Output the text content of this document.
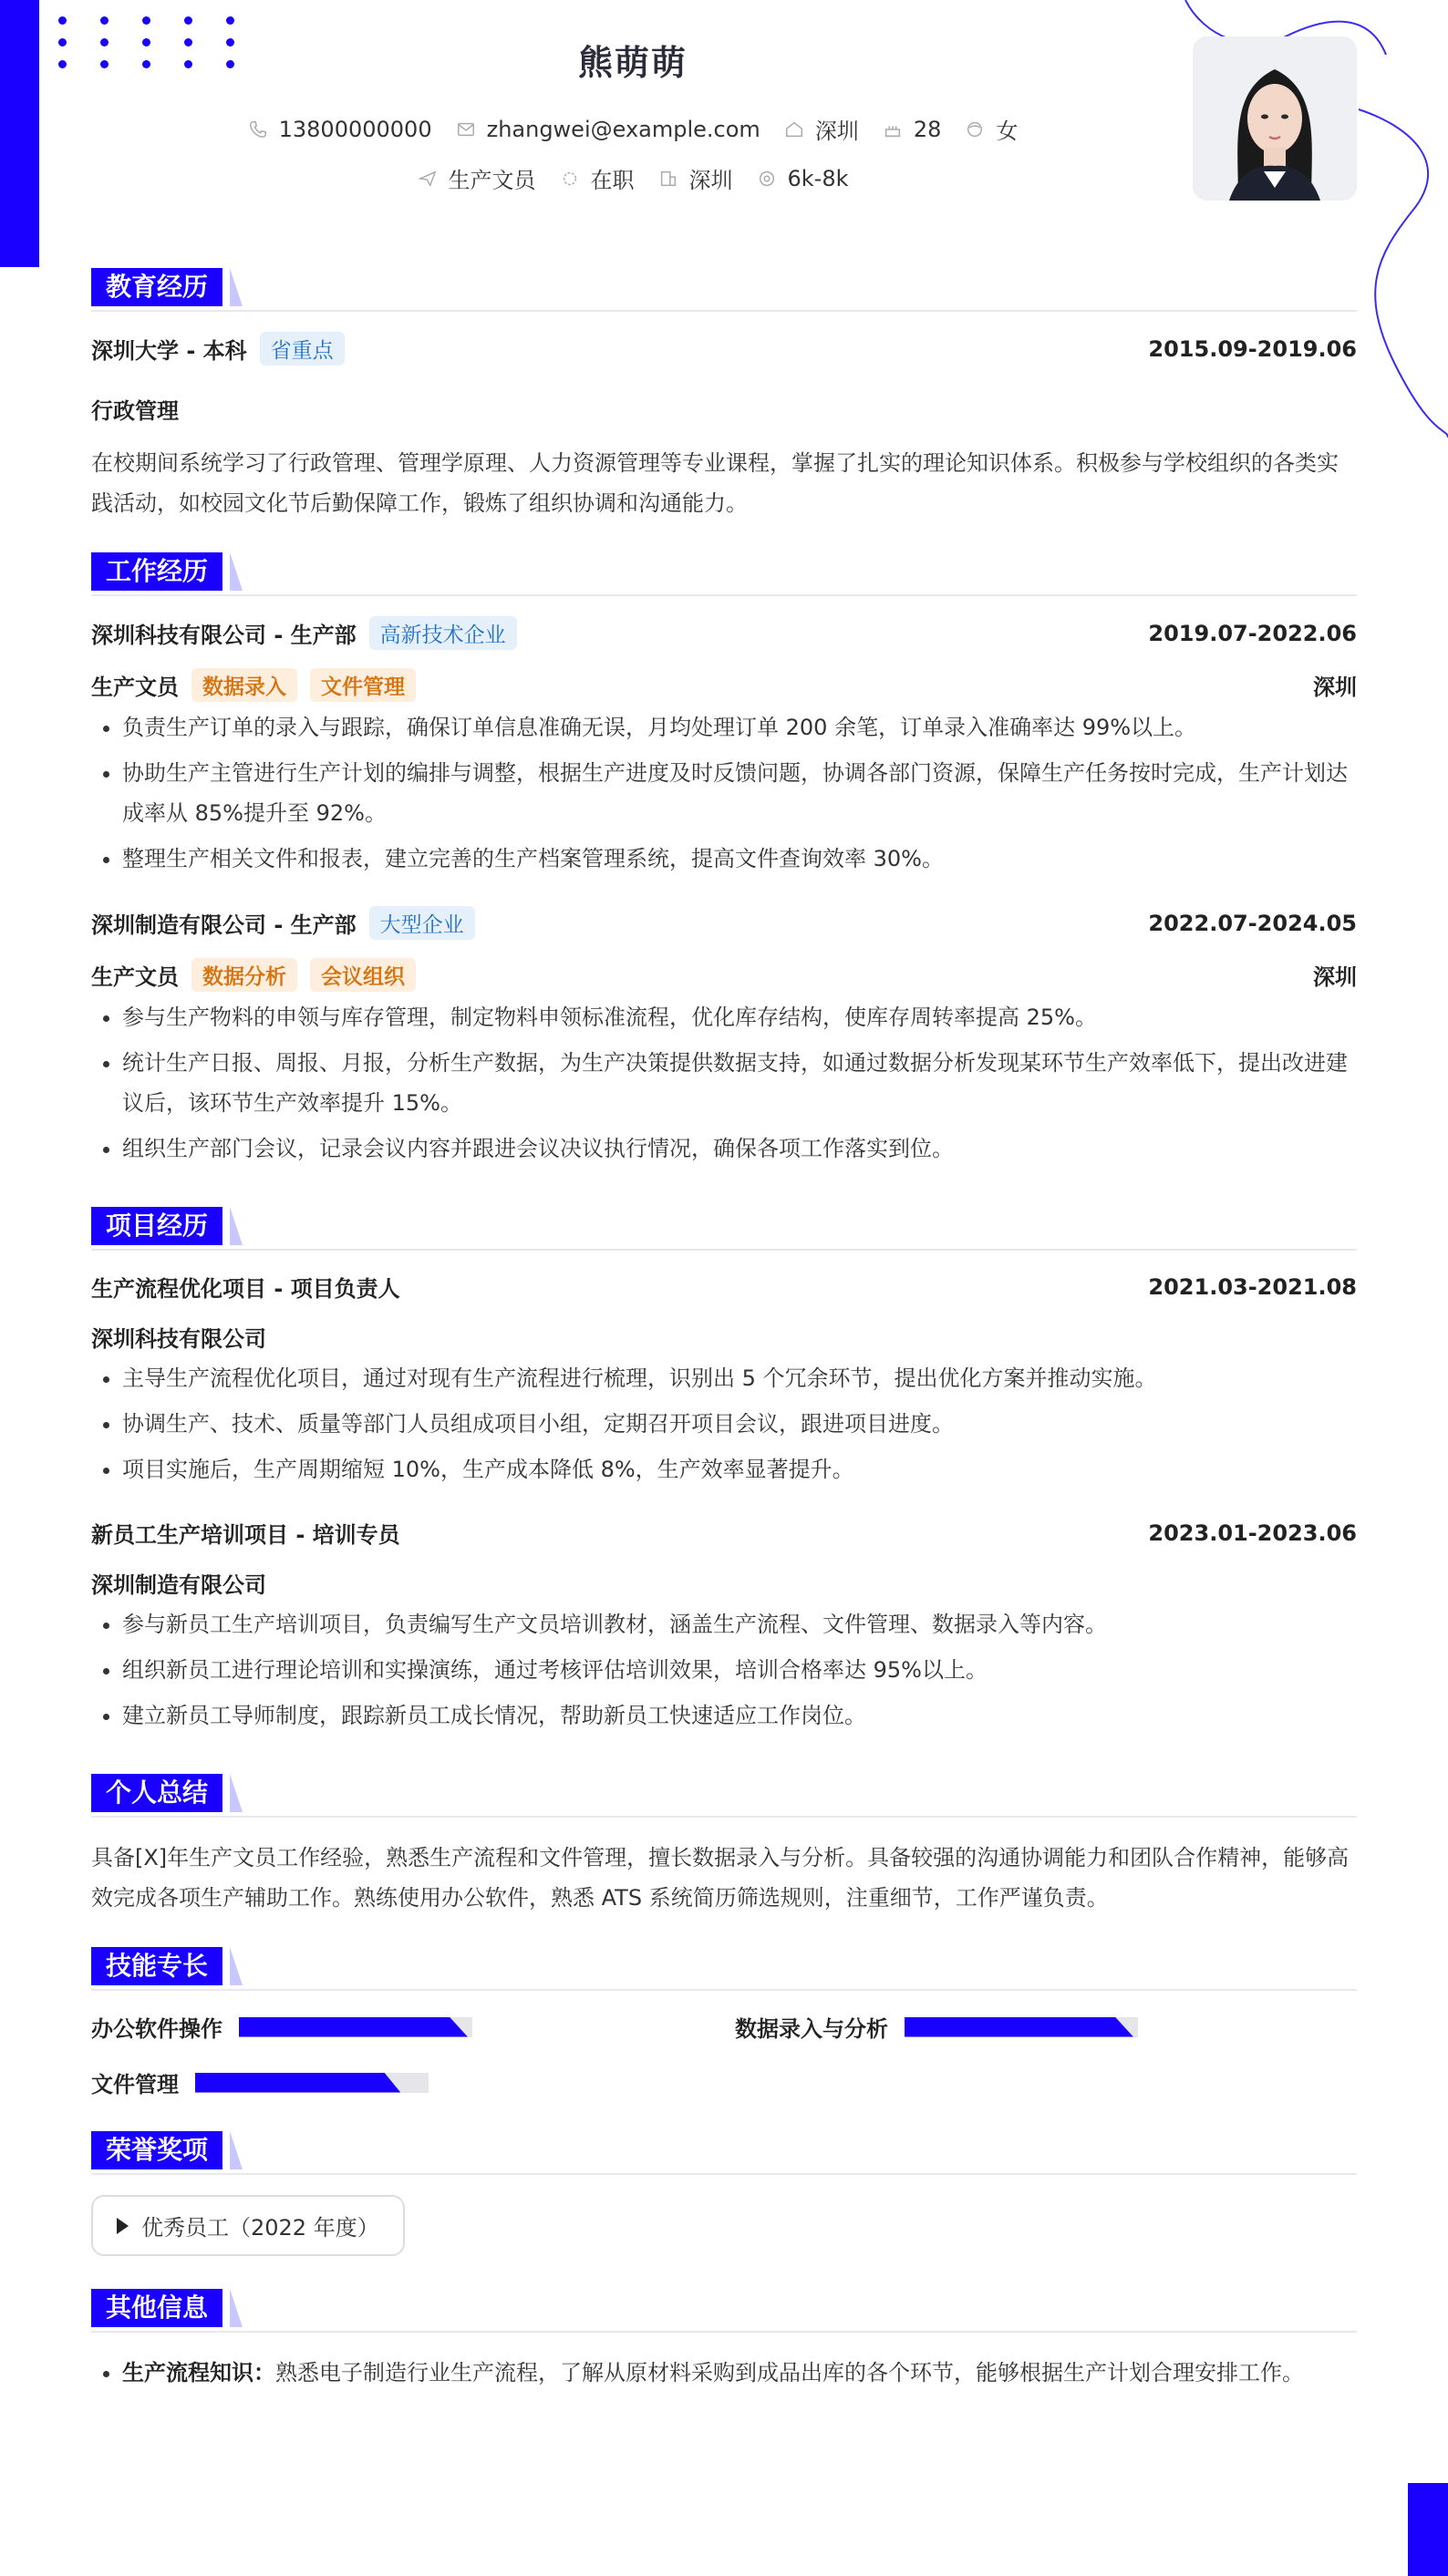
熊萌萌
13800000000	zhangwei@example.com	深圳	28	女
生产文员	在职	深圳	6k-8k
教育经历
深圳大学 - 本科	省重点	2015.09-2019.06
行政管理
在校期间系统学习了行政管理、管理学原理、人力资源管理等专业课程，掌握了扎实的理论知识体系。积极参与学校组织的各类实践活动，如校园文化节后勤保障工作，锻炼了组织协调和沟通能力。
工作经历
深圳科技有限公司 - 生产部	高新技术企业	2019.07-2022.06
生产文员	数据录入	文件管理	深圳
• 负责生产订单的录入与跟踪，确保订单信息准确无误，月均处理订单 200 余笔，订单录入准确率达 99%以上。
• 协助生产主管进行生产计划的编排与调整，根据生产进度及时反馈问题，协调各部门资源，保障生产任务按时完成，生产计划达成率从 85%提升至 92%。
• 整理生产相关文件和报表，建立完善的生产档案管理系统，提高文件查询效率 30%。
深圳制造有限公司 - 生产部	大型企业	2022.07-2024.05
生产文员	数据分析	会议组织	深圳
• 参与生产物料的申领与库存管理，制定物料申领标准流程，优化库存结构，使库存周转率提高 25%。
• 统计生产日报、周报、月报，分析生产数据，为生产决策提供数据支持，如通过数据分析发现某环节生产效率低下，提出改进建议后，该环节生产效率提升 15%。
• 组织生产部门会议，记录会议内容并跟进会议决议执行情况，确保各项工作落实到位。
项目经历
生产流程优化项目 - 项目负责人	2021.03-2021.08
深圳科技有限公司
• 主导生产流程优化项目，通过对现有生产流程进行梳理，识别出 5 个冗余环节，提出优化方案并推动实施。
• 协调生产、技术、质量等部门人员组成项目小组，定期召开项目会议，跟进项目进度。
• 项目实施后，生产周期缩短 10%，生产成本降低 8%，生产效率显著提升。
新员工生产培训项目 - 培训专员	2023.01-2023.06
深圳制造有限公司
• 参与新员工生产培训项目，负责编写生产文员培训教材，涵盖生产流程、文件管理、数据录入等内容。
• 组织新员工进行理论培训和实操演练，通过考核评估培训效果，培训合格率达 95%以上。
• 建立新员工导师制度，跟踪新员工成长情况，帮助新员工快速适应工作岗位。
个人总结
具备[X]年生产文员工作经验，熟悉生产流程和文件管理，擅长数据录入与分析。具备较强的沟通协调能力和团队合作精神，能够高效完成各项生产辅助工作。熟练使用办公软件，熟悉 ATS 系统简历筛选规则，注重细节，工作严谨负责。
技能专长
办公软件操作	数据录入与分析
文件管理
荣誉奖项
优秀员工（2022 年度）
其他信息
• 生产流程知识：熟悉电子制造行业生产流程，了解从原材料采购到成品出库的各个环节，能够根据生产计划合理安排工作。
